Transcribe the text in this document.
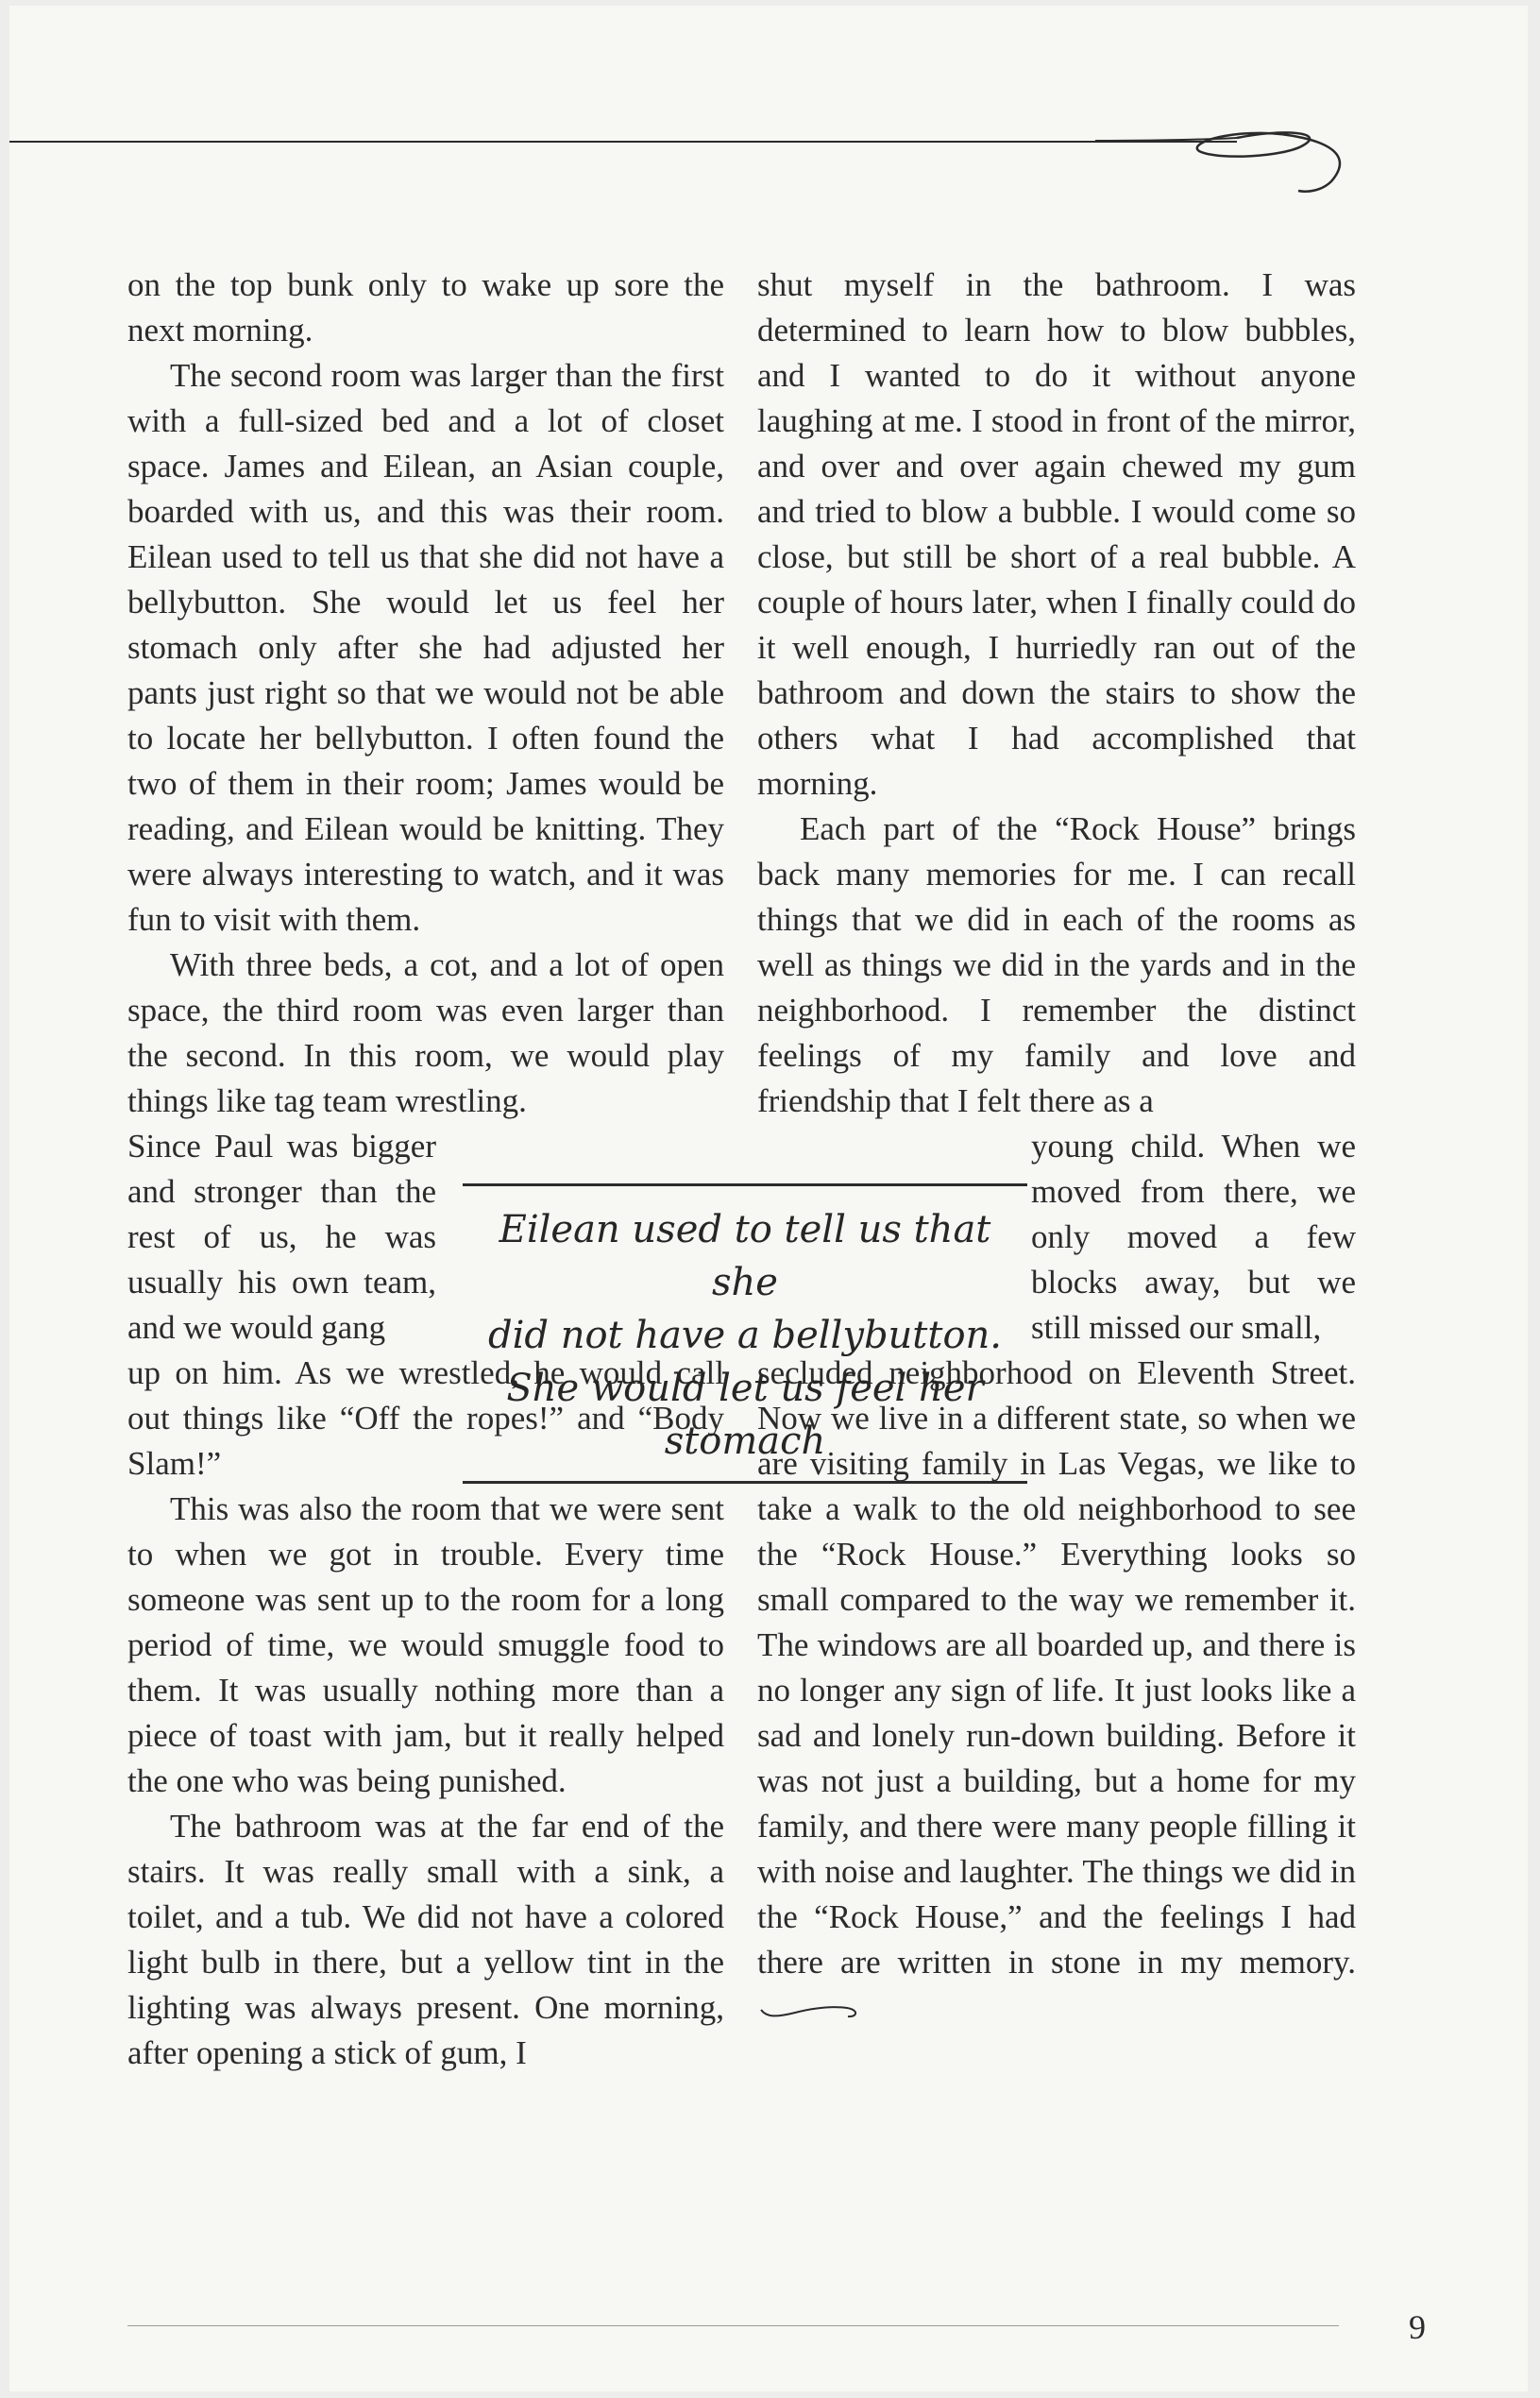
on the top bunk only to wake up sore the next morning.

The second room was larger than the first with a full-sized bed and a lot of closet space. James and Eilean, an Asian couple, boarded with us, and this was their room. Eilean used to tell us that she did not have a bellybutton. She would let us feel her stomach only after she had adjusted her pants just right so that we would not be able to locate her bellybutton. I often found the two of them in their room; James would be reading, and Eilean would be knitting. They were always interesting to watch, and it was fun to visit with them.

With three beds, a cot, and a lot of open space, the third room was even larger than the second. In this room, we would play things like tag team wrestling.

Since Paul was bigger and stronger than the rest of us, he was usually his own team, and we would gang
up on him. As we wrestled, he would call out things like “Off the ropes!” and “Body Slam!”

This was also the room that we were sent to when we got in trouble. Every time someone was sent up to the room for a long period of time, we would smuggle food to them. It was usually nothing more than a piece of toast with jam, but it really helped the one who was being punished.

The bathroom was at the far end of the stairs. It was really small with a sink, a toilet, and a tub. We did not have a colored light bulb in there, but a yellow tint in the lighting was always present. One morning, after opening a stick of gum, I

shut myself in the bathroom. I was determined to learn how to blow bubbles, and I wanted to do it without anyone laughing at me. I stood in front of the mirror, and over and over again chewed my gum and tried to blow a bubble. I would come so close, but still be short of a real bubble. A couple of hours later, when I finally could do it well enough, I hurriedly ran out of the bathroom and down the stairs to show the others what I had accomplished that morning.

Each part of the “Rock House” brings back many memories for me. I can recall things that we did in each of the rooms as well as things we did in the yards and in the neighborhood. I remember the distinct feelings of my family and love and friendship that I felt there as a

young child. When we moved from there, we only moved a few blocks away, but we still missed our small,
secluded neighborhood on Eleventh Street. Now we live in a different state, so when we are visiting family in Las Vegas, we like to take a walk to the old neighborhood to see the “Rock House.” Everything looks so small compared to the way we remember it. The windows are all boarded up, and there is no longer any sign of life. It just looks like a sad and lonely run-down building. Before it was not just a building, but a home for my family, and there were many people filling it with noise and laughter. The things we did in the “Rock House,” and the feelings I had there are written in stone in my memory.
Eilean used to tell us that she
did not have a bellybutton.
She would let us feel her stomach
9
